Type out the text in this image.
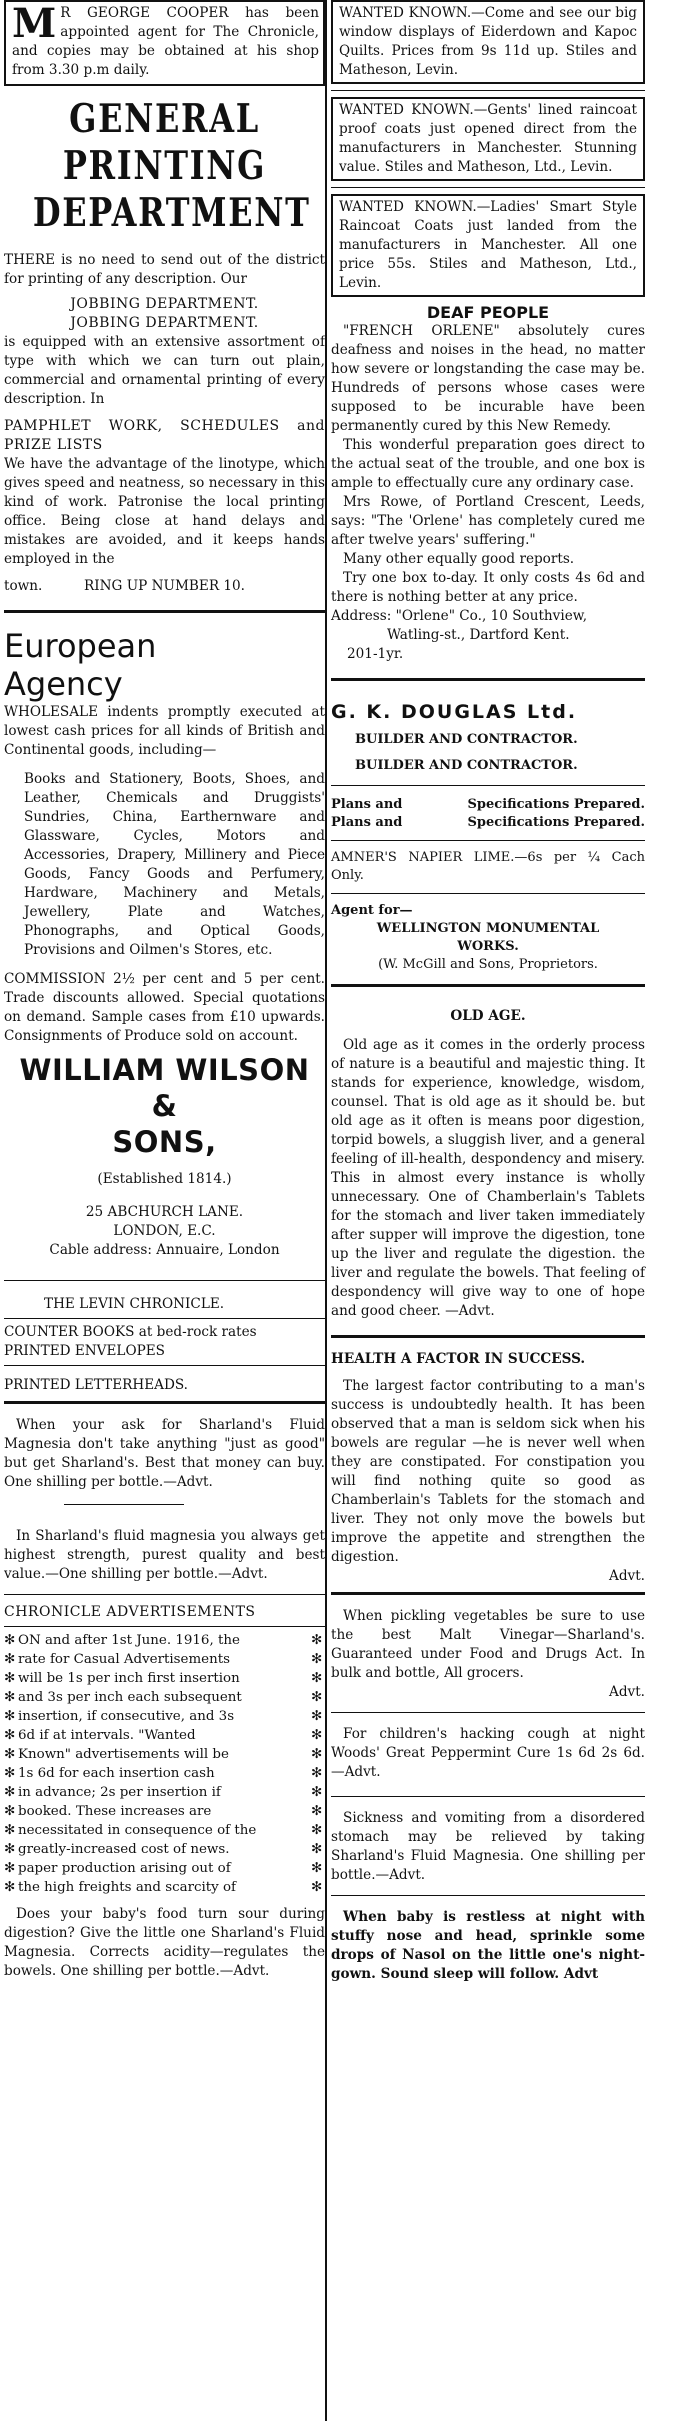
M R GEORGE COOPER has been appointed agent for The Chronicle, and copies may be obtained at his shop from 3.30 p.m daily.

GENERAL
PRINTING
DEPARTMENT

THERE is no need to send out of the district for printing of any description. Our

JOBBING DEPARTMENT.

JOBBING DEPARTMENT.

is equipped with an extensive assortment of type with which we can turn out plain, commercial and ornamental printing of every description. In

PAMPHLET WORK, SCHEDULES and PRIZE LISTS

We have the advantage of the linotype, which gives speed and neatness, so necessary in this kind of work. Patronise the local printing office. Being close at hand delays and mistakes are avoided, and it keeps hands employed in the

town.	RING UP NUMBER 10.
European
Agency

WHOLESALE indents promptly executed at lowest cash prices for all kinds of British and Continental goods, including—

Books and Stationery, Boots, Shoes, and Leather, Chemicals and Druggists' Sundries, China, Earthernware and Glassware, Cycles, Motors and Accessories, Drapery, Millinery and Piece Goods, Fancy Goods and Perfumery, Hardware, Machinery and Metals, Jewellery, Plate and Watches, Phonographs, and Optical Goods, Provisions and Oilmen's Stores, etc.

COMMISSION 2½ per cent and 5 per cent. Trade discounts allowed. Special quotations on demand. Sample cases from £10 upwards. Consignments of Produce sold on account.

WILLIAM WILSON &
SONS,

(Established 1814.)

25 ABCHURCH LANE.

LONDON, E.C.

Cable address: Annuaire, London

THE LEVIN CHRONICLE.

COUNTER BOOKS at bed-rock rates

PRINTED ENVELOPES

PRINTED LETTERHEADS.

When your ask for Sharland's Fluid Magnesia don't take anything "just as good" but get Sharland's. Best that money can buy. One shilling per bottle.—Advt.

In Sharland's fluid magnesia you always get highest strength, purest quality and best value.—One shilling per bottle.—Advt.

CHRONICLE ADVERTISEMENTS

✻ ON and after 1st June. 1916, the	✻
✻ rate for Casual Advertisements	✻
✻ will be 1s per inch first insertion	✻
✻ and 3s per inch each subsequent	✻
✻ insertion, if consecutive, and 3s	✻
✻ 6d if at intervals. "Wanted	✻
✻ Known" advertisements will be	✻
✻ 1s 6d for each insertion cash	✻
✻ in advance; 2s per insertion if	✻
✻ booked. These increases are	✻
✻ necessitated in consequence of the	✻
✻ greatly-increased cost of news.	✻
✻ paper production arising out of	✻
✻ the high freights and scarcity of	✻

Does your baby's food turn sour during digestion? Give the little one Sharland's Fluid Magnesia. Corrects acidity—regulates the bowels. One shilling per bottle.—Advt.

WANTED KNOWN.—Come and see our big window displays of Eiderdown and Kapoc Quilts. Prices from 9s 11d up. Stiles and Matheson, Levin.

WANTED KNOWN.—Gents' lined raincoat proof coats just opened direct from the manufacturers in Manchester. Stunning value. Stiles and Matheson, Ltd., Levin.

WANTED KNOWN.—Ladies' Smart Style Raincoat Coats just landed from the manufacturers in Manchester. All one price 55s. Stiles and Matheson, Ltd., Levin.

DEAF PEOPLE

"FRENCH ORLENE" absolutely cures deafness and noises in the head, no matter how severe or longstanding the case may be. Hundreds of persons whose cases were supposed to be incurable have been permanently cured by this New Remedy.

This wonderful preparation goes direct to the actual seat of the trouble, and one box is ample to effectually cure any ordinary case.

Mrs Rowe, of Portland Crescent, Leeds, says: "The 'Orlene' has completely cured me after twelve years' suffering."

Many other equally good reports.

Try one box to-day. It only costs 4s 6d and there is nothing better at any price.

Address: "Orlene" Co., 10 Southview,

Watling-st., Dartford Kent.

201-1yr.

G. K. DOUGLAS Ltd.

BUILDER AND CONTRACTOR.

BUILDER AND CONTRACTOR.

Plans and	Specifications Prepared.
Plans and	Specifications Prepared.

AMNER'S NAPIER LIME.—6s per ¼ Cach Only.

Agent for—

WELLINGTON MONUMENTAL

WORKS.

(W. McGill and Sons, Proprietors.

OLD AGE.

Old age as it comes in the orderly process of nature is a beautiful and majestic thing. It stands for experience, knowledge, wisdom, counsel. That is old age as it should be. but old age as it often is means poor digestion, torpid bowels, a sluggish liver, and a general feeling of ill-health, despondency and misery. This in almost every instance is wholly unnecessary. One of Chamberlain's Tablets for the stomach and liver taken immediately after supper will improve the digestion, tone up the liver and regulate the digestion. the liver and regulate the bowels. That feeling of despondency will give way to one of hope and good cheer. —Advt.

HEALTH A FACTOR IN SUCCESS.

The largest factor contributing to a man's success is undoubtedly health. It has been observed that a man is seldom sick when his bowels are regular —he is never well when they are constipated. For constipation you will find nothing quite so good as Chamberlain's Tablets for the stomach and liver. They not only move the bowels but improve the appetite and strengthen the digestion.

Advt.

When pickling vegetables be sure to use the best Malt Vinegar—Sharland's. Guaranteed under Food and Drugs Act. In bulk and bottle, All grocers.

Advt.

For children's hacking cough at night Woods' Great Peppermint Cure 1s 6d 2s 6d. —Advt.

Sickness and vomiting from a disordered stomach may be relieved by taking Sharland's Fluid Magnesia. One shilling per bottle.—Advt.

When baby is restless at night with stuffy nose and head, sprinkle some drops of Nasol on the little one's night-gown. Sound sleep will follow. Advt
